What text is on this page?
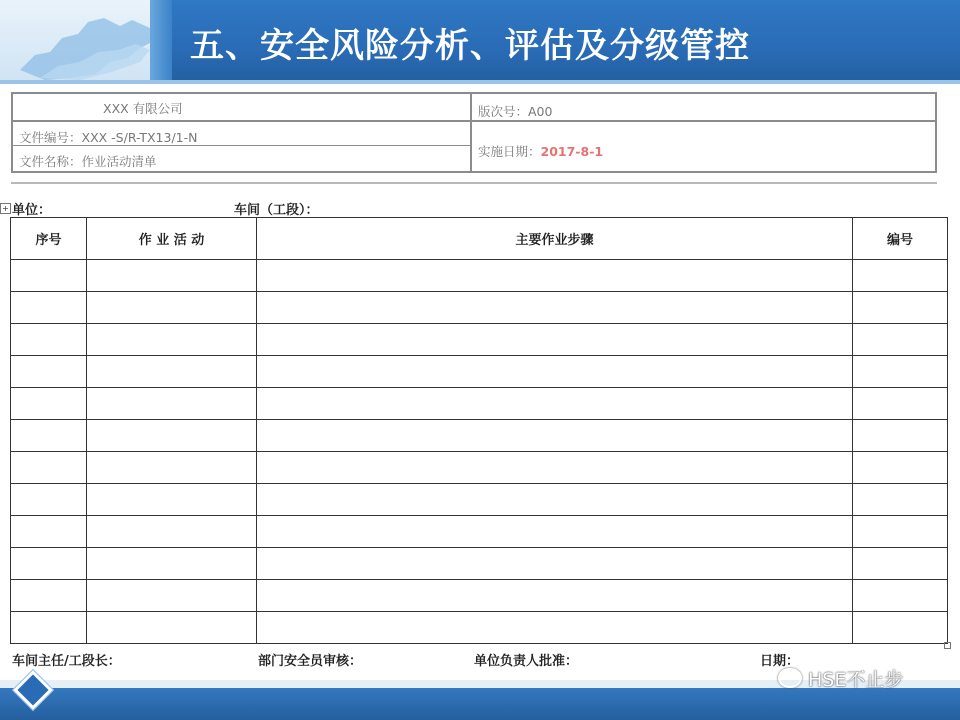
五、安全风险分析、评估及分级管控
XXX 有限公司	版次号：A00
文件编号：XXX -S/R-TX13/1-N
文件名称：作业活动清单
实施日期：2017-8-1
+ 单位：	车间（工段）：
序号	作 业 活 动	主要作业步骤	编号

车间主任/工段长：	部门安全员审核：	单位负责人批准：	日期：
HSE不止步
